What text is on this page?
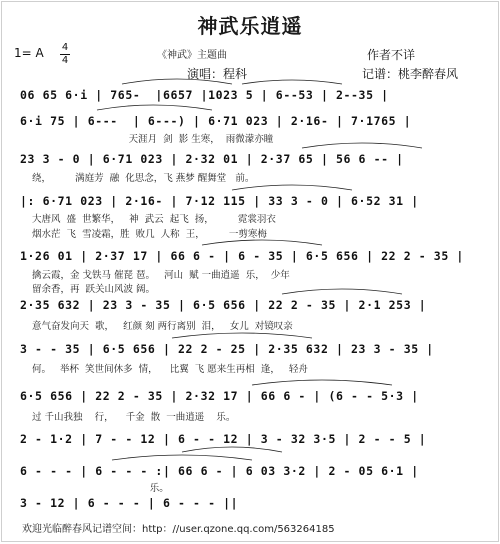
神武乐逍遥
1= A 4
4	《神武》主题曲	作者不详
演唱：程科	记谱：桃李醉春风
06 65 6·i | 765-  |6657 |1023 5 | 6--53 | 2--35 |
6·i 75 | 6---  | 6---) | 6·71 023 | 2·16- | 7·1765 |
天涯月  剑  影 生寒，  雨微濛亦瞳
23 3 - 0 | 6·71 023 | 2·32 01 | 2·37 65 | 56 6 -- |
绕，        满庭芳  融  化思念，飞 燕梦 醒舞堂   前。
|: 6·71 023 | 2·16- | 7·12 115 | 33 3 - 0 | 6·52 31 |
大唐风  盛  世繁华，   神  武云  起飞  扬，        霓裳羽衣
1·26 01 | 2·37 17 | 66 6 - | 6 - 35 | 6·5 656 | 22 2 - 35 |
烟水茫  飞  雪凌霜，胜  败几  人称  王，        一剪寒梅
2·35 632 | 23 3 - 35 | 6·5 656 | 22 2 - 35 | 2·1 253 |
擒云霞，金 戈铁马 催琵 琶。   河山  赋 一曲逍遥  乐，  少年
留余香，再  跃关山风波 阔。
3 - - 35 | 6·5 656 | 22 2 - 25 | 2·35 632 | 23 3 - 35 |
意气奋发向天  歌，   红颜 刻 两行离别  泪，   女儿  对镜叹亲
6·5 656 | 22 2 - 35 | 2·32 17 | 66 6 - | (6 - - 5·3 |
何。   举杯  笑世间休多  情，    比翼  飞 愿来生再相  逢，   轻舟
2 - 1·2 | 7 - - 12 | 6 - - 12 | 3 - 32 3·5 | 2 - - 5 |
过 千山我独    行，    千金  散  一曲逍遥    乐。
6 - - - | 6 - - - :| 66 6 - | 6 03 3·2 | 2 - 05 6·1 |
3 - 12 | 6 - - - | 6 - - - ||
乐。
欢迎光临醉春风记谱空间：http：//user.qzone.qq.com/563264185
